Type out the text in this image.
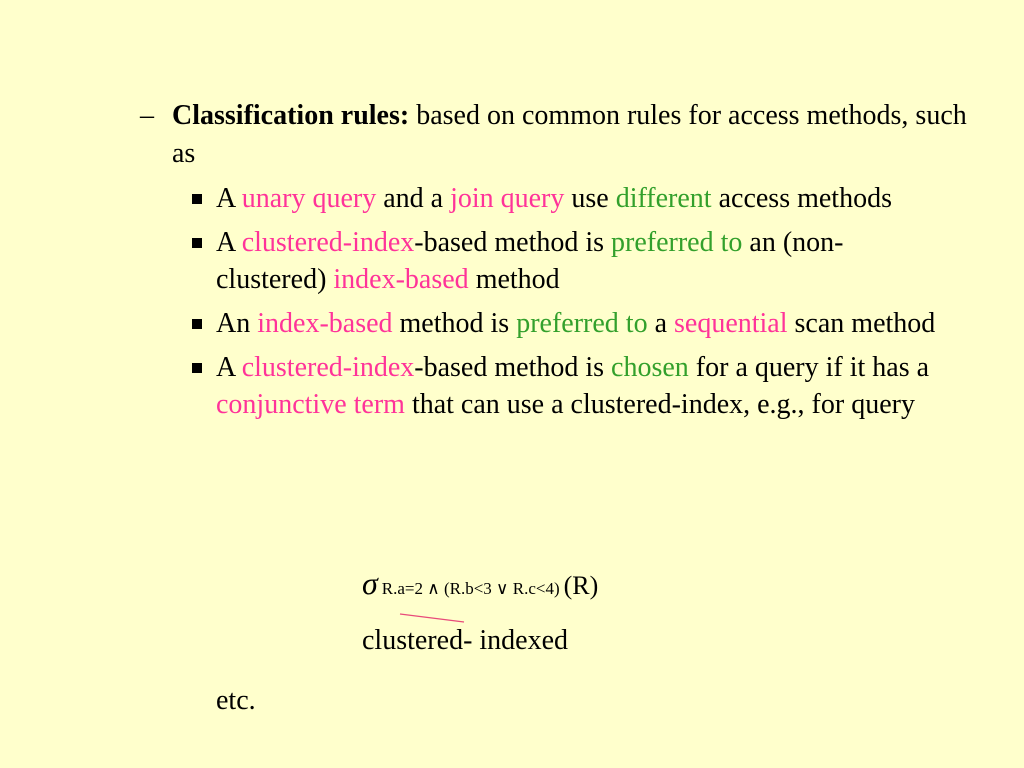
– Classification rules: based on common rules for access methods, such as
A unary query and a join query use different access methods
A clustered-index-based method is preferred to an (non-clustered) index-based method
An index-based method is preferred to a sequential scan method
A clustered-index-based method is chosen for a query if it has a conjunctive term that can use a clustered-index, e.g., for query
σ R.a=2 ∧ (R.b<3 ∨ R.c<4) (R)
clustered- indexed
etc.
